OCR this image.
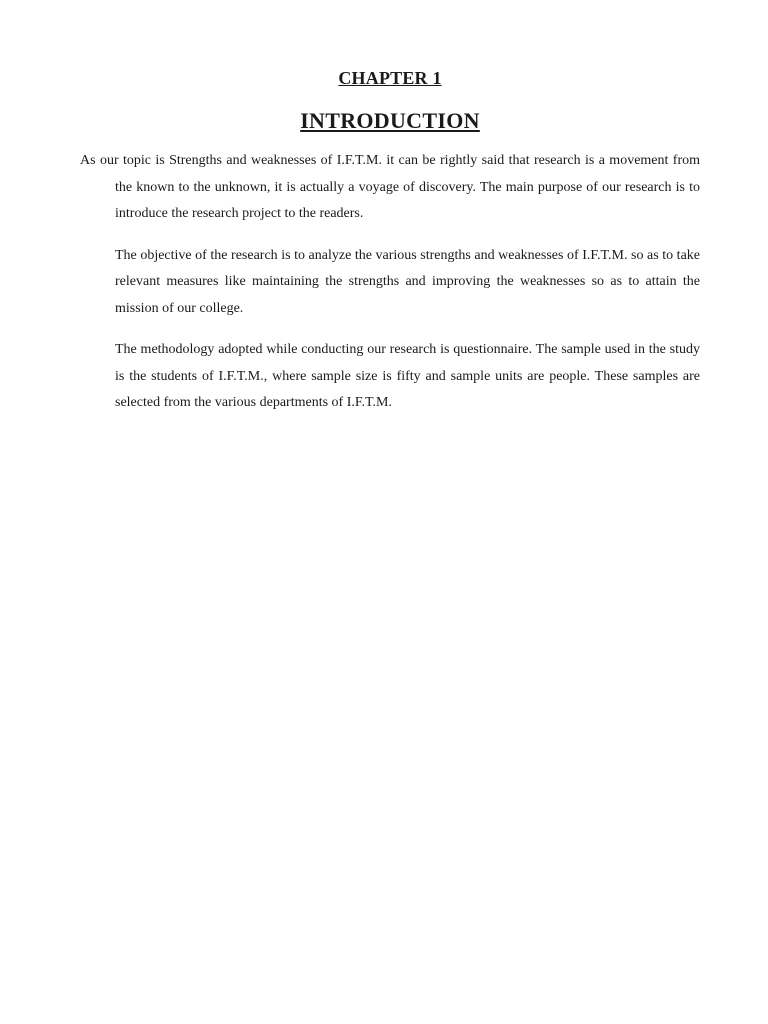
CHAPTER 1
INTRODUCTION

As our topic is Strengths and weaknesses of I.F.T.M. it can be rightly said that research is a movement from the known to the unknown, it is actually a voyage of discovery. The main purpose of our research is to introduce the research project to the readers.

The objective of the research is to analyze the various strengths and weaknesses of I.F.T.M. so as to take relevant measures like maintaining the strengths and improving the weaknesses so as to attain the mission of our college.

The methodology adopted while conducting our research is questionnaire. The sample used in the study is the students of I.F.T.M., where sample size is fifty and sample units are people. These samples are selected from the various departments of I.F.T.M.
